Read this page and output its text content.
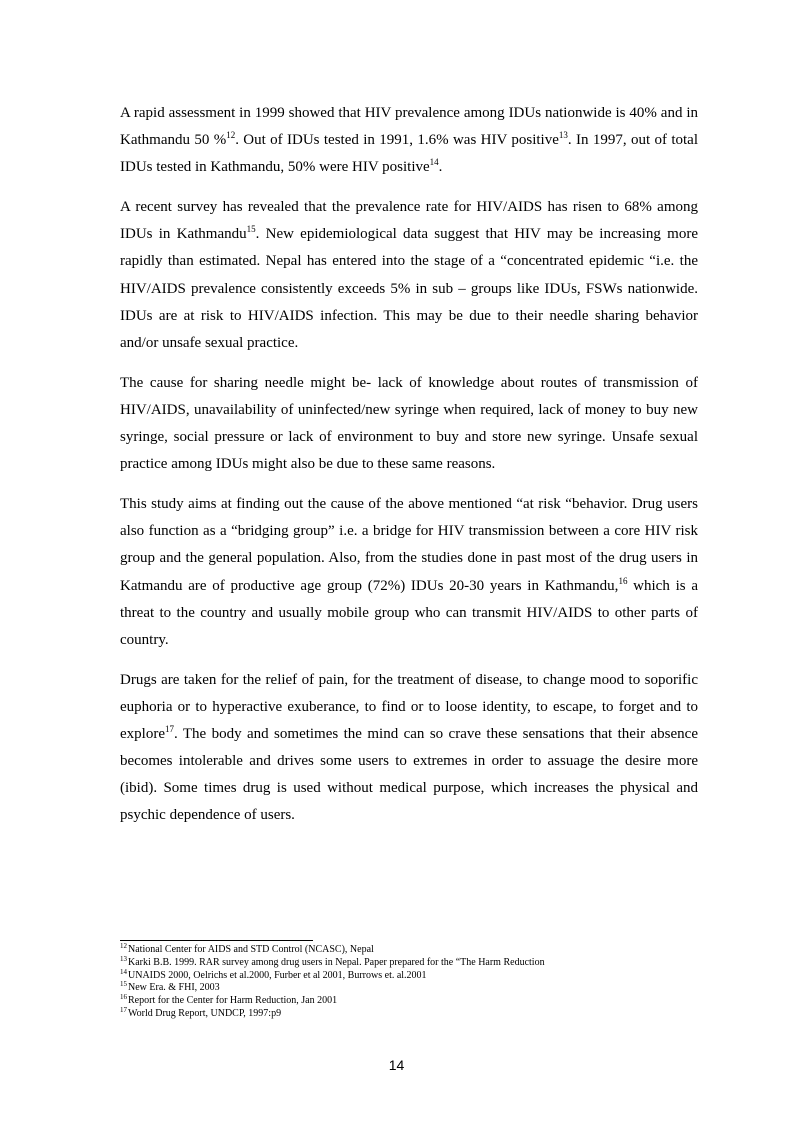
A rapid assessment in 1999 showed that HIV prevalence among IDUs nationwide is 40% and in Kathmandu 50 %$^{12}$. Out of IDUs tested in 1991, 1.6% was HIV positive$^{13}$. In 1997, out of total IDUs tested in Kathmandu, 50% were HIV positive$^{14}$.

A recent survey has revealed that the prevalence rate for HIV/AIDS has risen to 68% among IDUs in Kathmandu$^{15}$. New epidemiological data suggest that HIV may be increasing more rapidly than estimated. Nepal has entered into the stage of a “concentrated epidemic “i.e. the HIV/AIDS prevalence consistently exceeds 5% in sub – groups like IDUs, FSWs nationwide. IDUs are at risk to HIV/AIDS infection. This may be due to their needle sharing behavior and/or unsafe sexual practice.

The cause for sharing needle might be- lack of knowledge about routes of transmission of HIV/AIDS, unavailability of uninfected/new syringe when required, lack of money to buy new syringe, social pressure or lack of environment to buy and store new syringe. Unsafe sexual practice among IDUs might also be due to these same reasons.

This study aims at finding out the cause of the above mentioned “at risk “behavior. Drug users also function as a “bridging group” i.e. a bridge for HIV transmission between a core HIV risk group and the general population. Also, from the studies done in past most of the drug users in Katmandu are of productive age group (72%) IDUs 20-30 years in Kathmandu,$^{16}$ which is a threat to the country and usually mobile group who can transmit HIV/AIDS to other parts of country.

Drugs are taken for the relief of pain, for the treatment of disease, to change mood to soporific euphoria or to hyperactive exuberance, to find or to loose identity, to escape, to forget and to explore$^{17}$. The body and sometimes the mind can so crave these sensations that their absence becomes intolerable and drives some users to extremes in order to assuage the desire more (ibid). Some times drug is used without medical purpose, which increases the physical and psychic dependence of users.

$^{12}$National Center for AIDS and STD Control (NCASC), Nepal
$^{13}$Karki B.B. 1999. RAR survey among drug users in Nepal. Paper prepared for the “The Harm Reduction
$^{14}$UNAIDS 2000, Oelrichs et al.2000, Furber et al 2001, Burrows et. al.2001
$^{15}$New Era. & FHI, 2003
$^{16}$Report for the Center for Harm Reduction, Jan 2001
$^{17}$World Drug Report, UNDCP, 1997:p9
14
